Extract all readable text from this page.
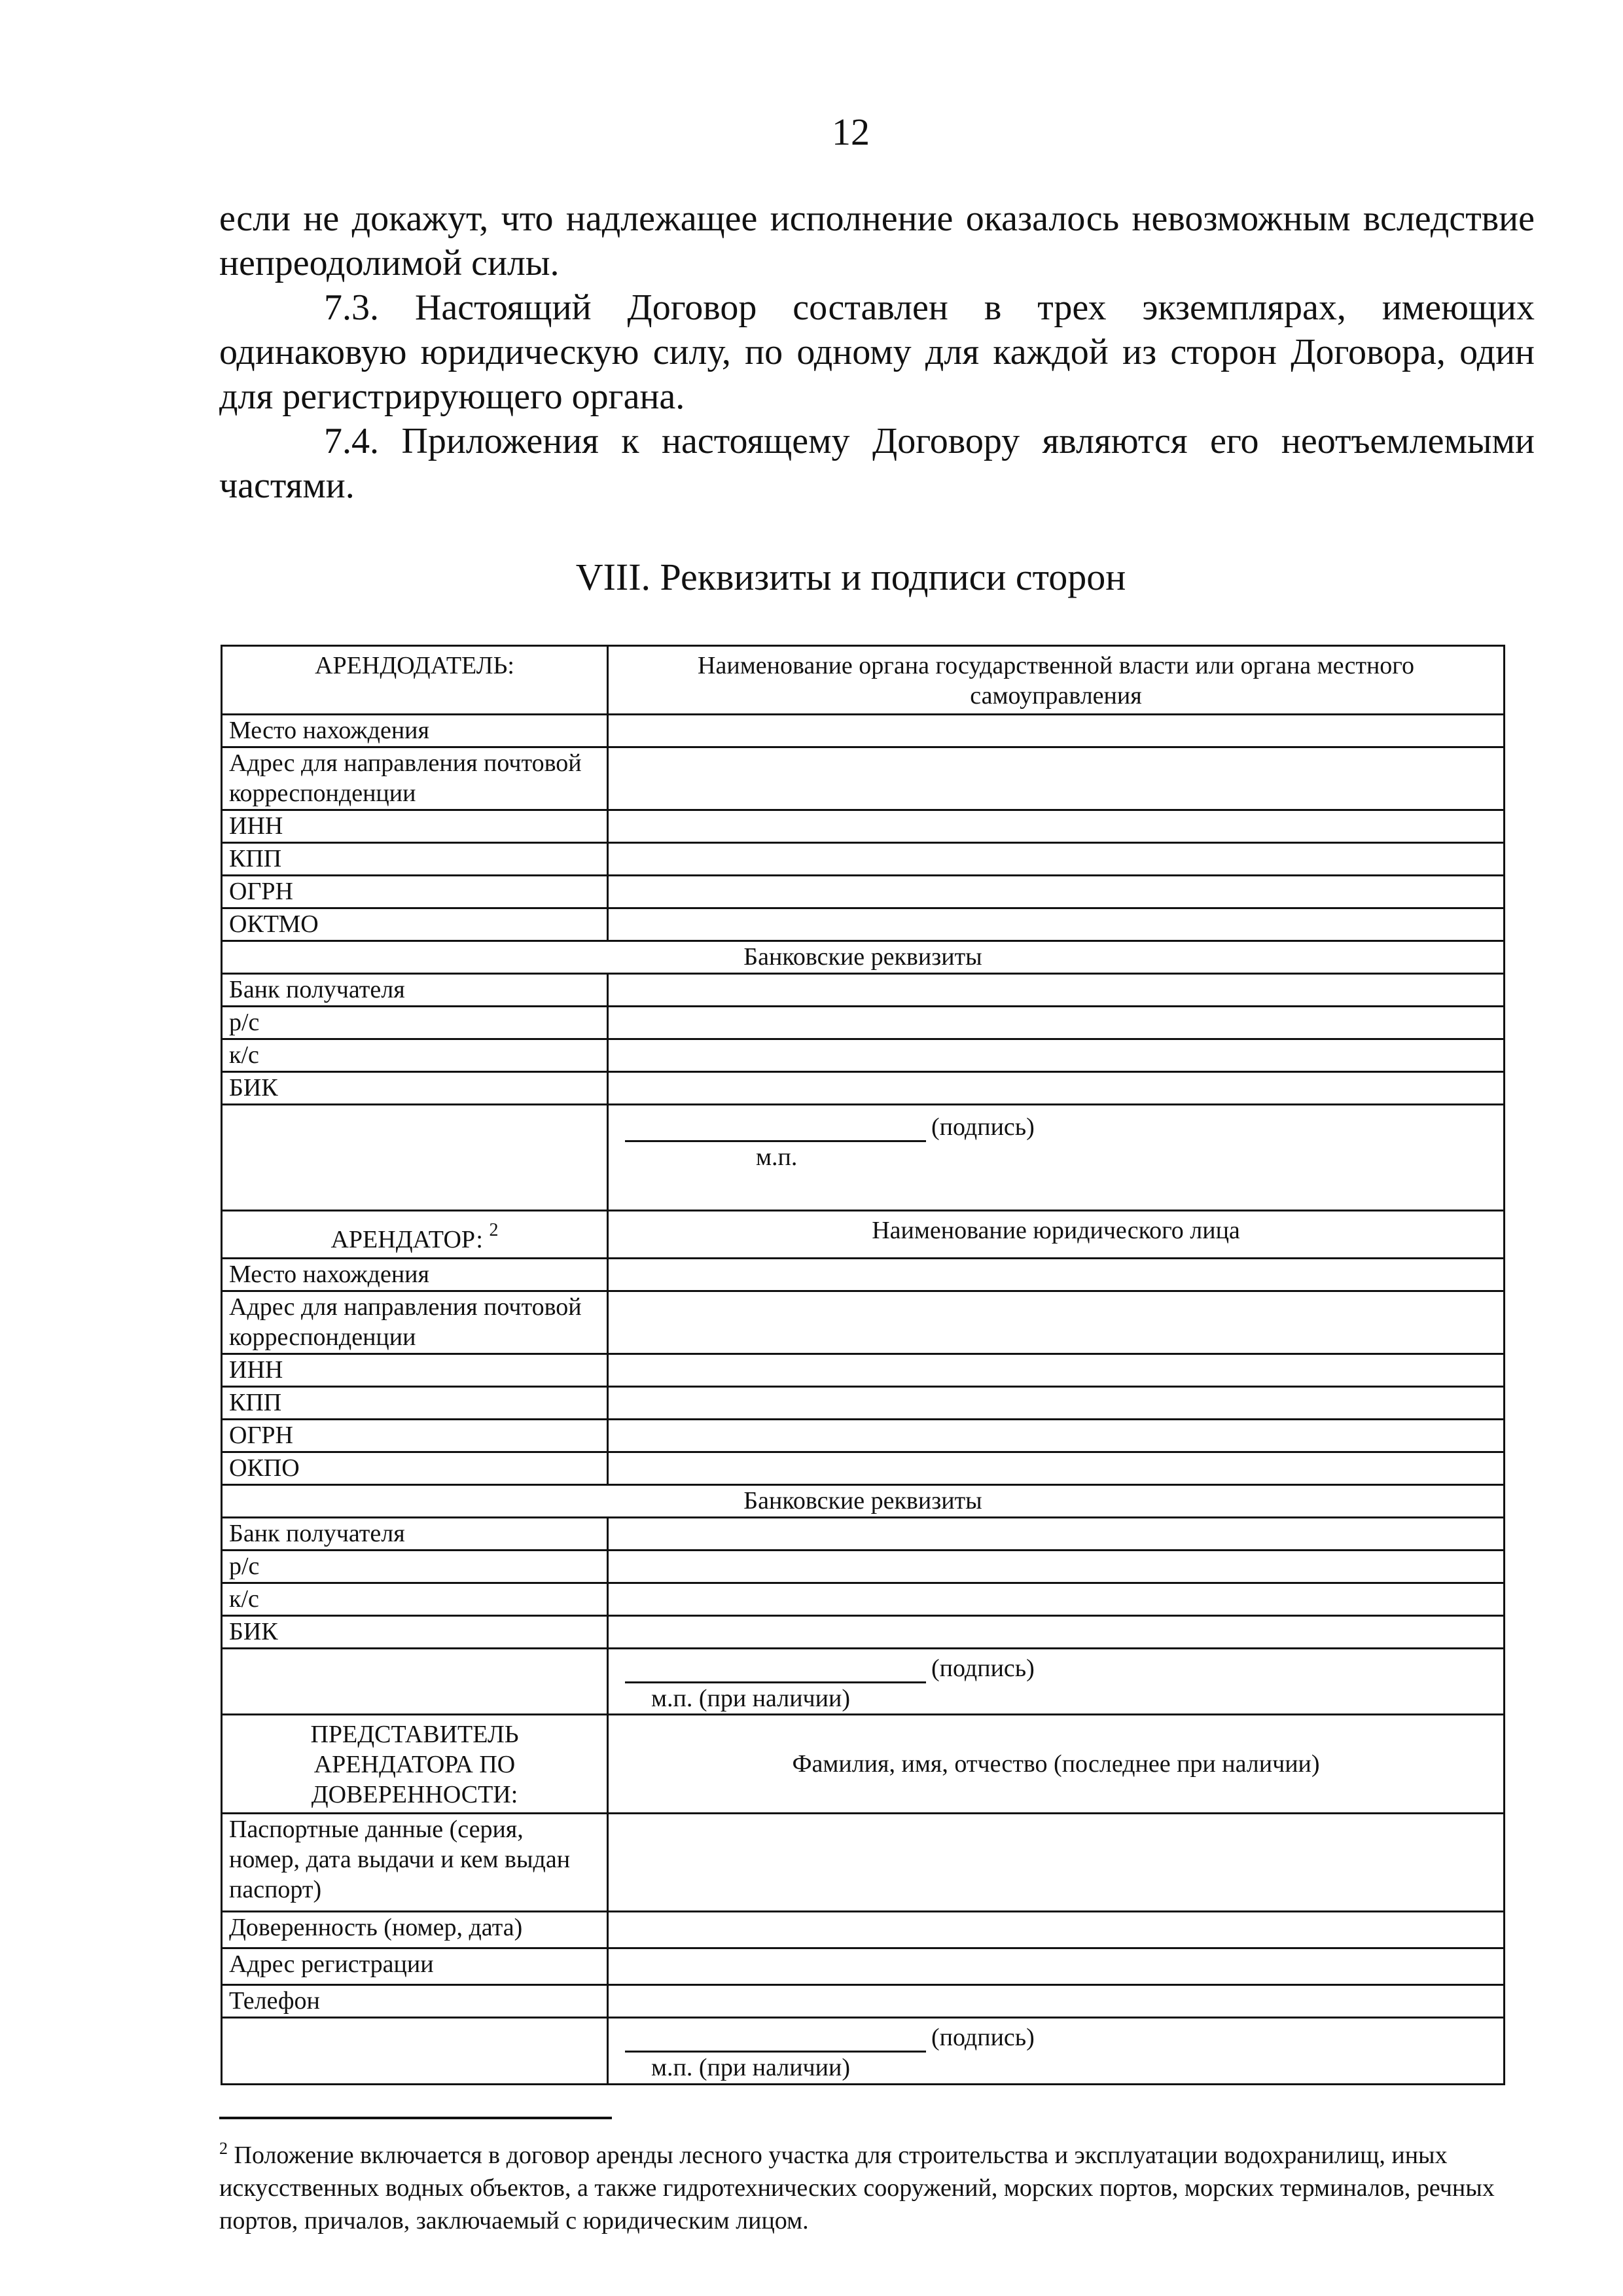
12

если не докажут, что надлежащее исполнение оказалось невозможным вследствие непреодолимой силы.

7.3. Настоящий Договор составлен в трех экземплярах, имеющих одинаковую юридическую силу, по одному для каждой из сторон Договора, один для регистрирующего органа.

7.4. Приложения к настоящему Договору являются его неотъемлемыми частями.

VIII. Реквизиты и подписи сторон
АРЕНДОДАТЕЛЬ:	Наименование органа государственной власти или органа местного самоуправления
Место нахождения	
Адрес для направления почтовой корреспонденции	
ИНН	
КПП	
ОГРН	
ОКТМО	
Банковские реквизиты	
Банк получателя	
р/с	
к/с	
БИК	

	(подпись)
м.п.

АРЕНДАТОР: $^2$	Наименование юридического лица
Место нахождения	
Адрес для направления почтовой корреспонденции	
ИНН	
КПП	
ОГРН	
ОКПО	
Банковские реквизиты	
Банк получателя	
р/с	
к/с	
БИК	

	(подпись)
м.п. (при наличии)

ПРЕДСТАВИТЕЛЬ АРЕНДАТОРА ПО ДОВЕРЕННОСТИ:	Фамилия, имя, отчество (последнее при наличии)
Паспортные данные (серия, номер, дата выдачи и кем выдан паспорт)	
Доверенность (номер, дата)	
Адрес регистрации	
Телефон	

	(подпись)
м.п. (при наличии)
$^2$ Положение включается в договор аренды лесного участка для строительства и эксплуатации водохранилищ, иных искусственных водных объектов, а также гидротехнических сооружений, морских портов, морских терминалов, речных портов, причалов, заключаемый с юридическим лицом.
